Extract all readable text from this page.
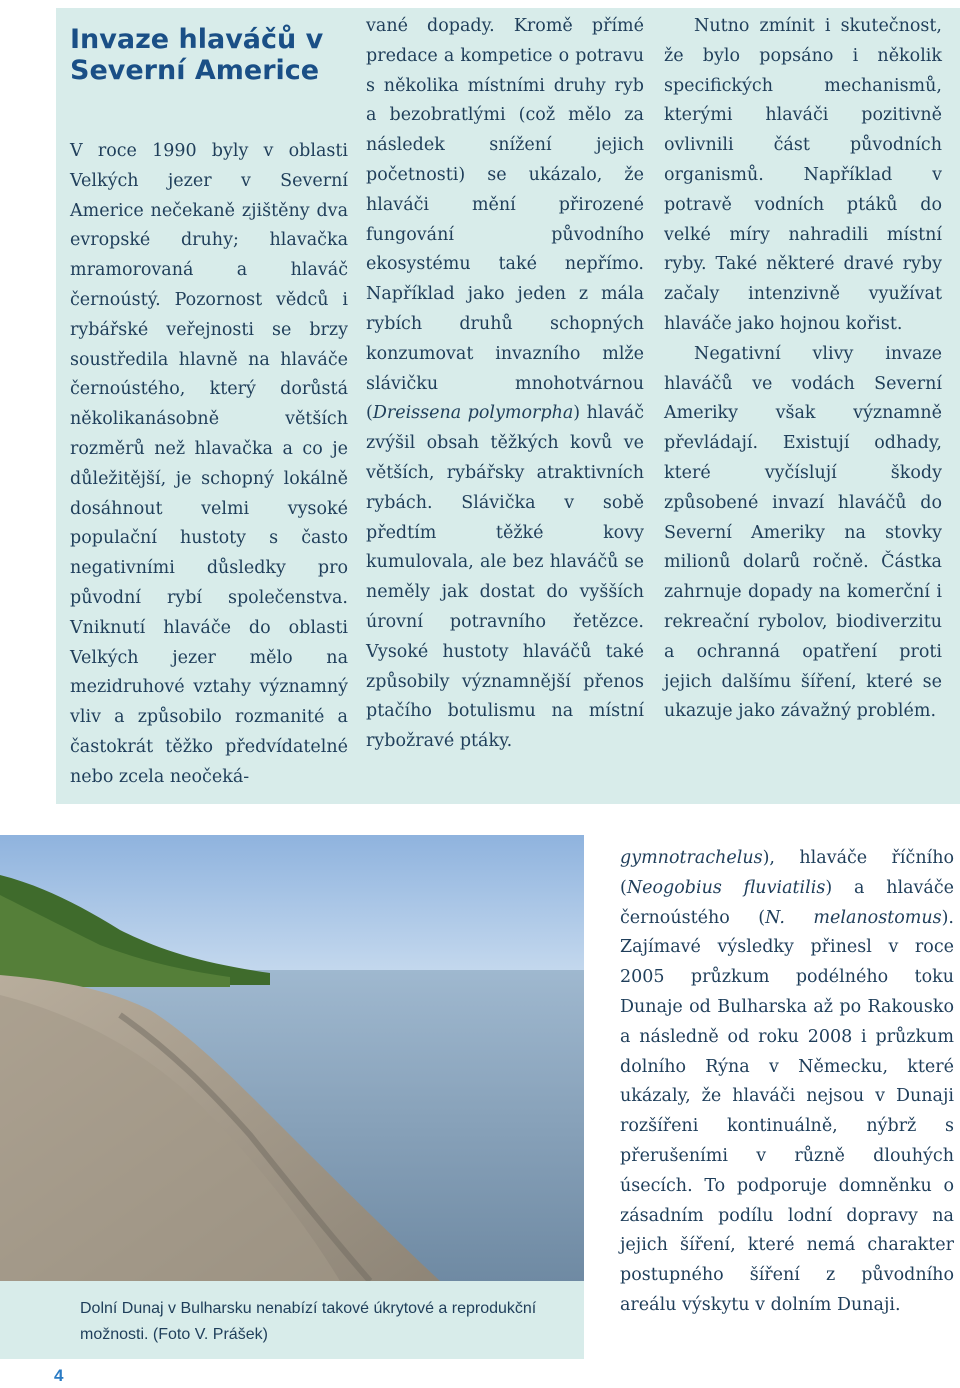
Invaze hlaváčů v Severní Americe

V roce 1990 byly v oblasti Velkých jezer v Severní Americe nečekaně zjištěny dva evropské druhy; hlavačka mramorovaná a hlaváč černoústý. Pozornost vědců i rybářské veřejnosti se brzy soustředila hlavně na hlaváče černoústého, který dorůstá několikanásobně větších rozměrů než hlavačka a co je důležitější, je schopný lokálně dosáhnout velmi vysoké populační hustoty s často negativními důsledky pro původní rybí společenstva. Vniknutí hlaváče do oblasti Velkých jezer mělo na mezidruhové vztahy významný vliv a způsobilo rozmanité a častokrát těžko předvídatelné nebo zcela neočeká-

vané dopady. Kromě přímé predace a kompetice o potravu s několika místními druhy ryb a bezobratlými (což mělo za následek snížení jejich početnosti) se ukázalo, že hlaváči mění přirozené fungování původního ekosystému také nepřímo. Například jako jeden z mála rybích druhů schopných konzumovat invazního mlže slávičku mnohotvárnou (Dreissena polymorpha) hlaváč zvýšil obsah těžkých kovů ve větších, rybářsky atraktivních rybách. Slávička v sobě předtím těžké kovy kumulovala, ale bez hlaváčů se neměly jak dostat do vyšších úrovní potravního řetězce. Vysoké hustoty hlaváčů také způsobily významnější přenos ptačího botulismu na místní rybožravé ptáky.

Nutno zmínit i skutečnost, že bylo popsáno i několik specifických mechanismů, kterými hlaváči pozitivně ovlivnili část původních organismů. Například v potravě vodních ptáků do velké míry nahradili místní ryby. Také některé dravé ryby začaly intenzivně využívat hlaváče jako hojnou kořist.
Negativní vlivy invaze hlaváčů ve vodách Severní Ameriky však významně převládají. Existují odhady, které vyčíslují škody způsobené invazí hlaváčů do Severní Ameriky na stovky milionů dolarů ročně. Částka zahrnuje dopady na komerční i rekreační rybolov, biodiverzitu a ochranná opatření proti jejich dalšímu šíření, které se ukazuje jako závažný problém.

Dolní Dunaj v Bulharsku nenabízí takové úkrytové a reprodukční možnosti. (Foto V. Prášek)

gymnotrachelus), hlaváče říčního (Neogobius fluviatilis) a hlaváče černoústého (N. melanostomus). Zajímavé výsledky přinesl v roce 2005 průzkum podélného toku Dunaje od Bulharska až po Rakousko a následně od roku 2008 i průzkum dolního Rýna v Německu, které ukázaly, že hlaváči nejsou v Dunaji rozšířeni kontinuálně, nýbrž s přerušeními v různě dlouhých úsecích. To podporuje domněnku o zásadním podílu lodní dopravy na jejich šíření, které nemá charakter postupného šíření z původního areálu výskytu v dolním Dunaji.

4
